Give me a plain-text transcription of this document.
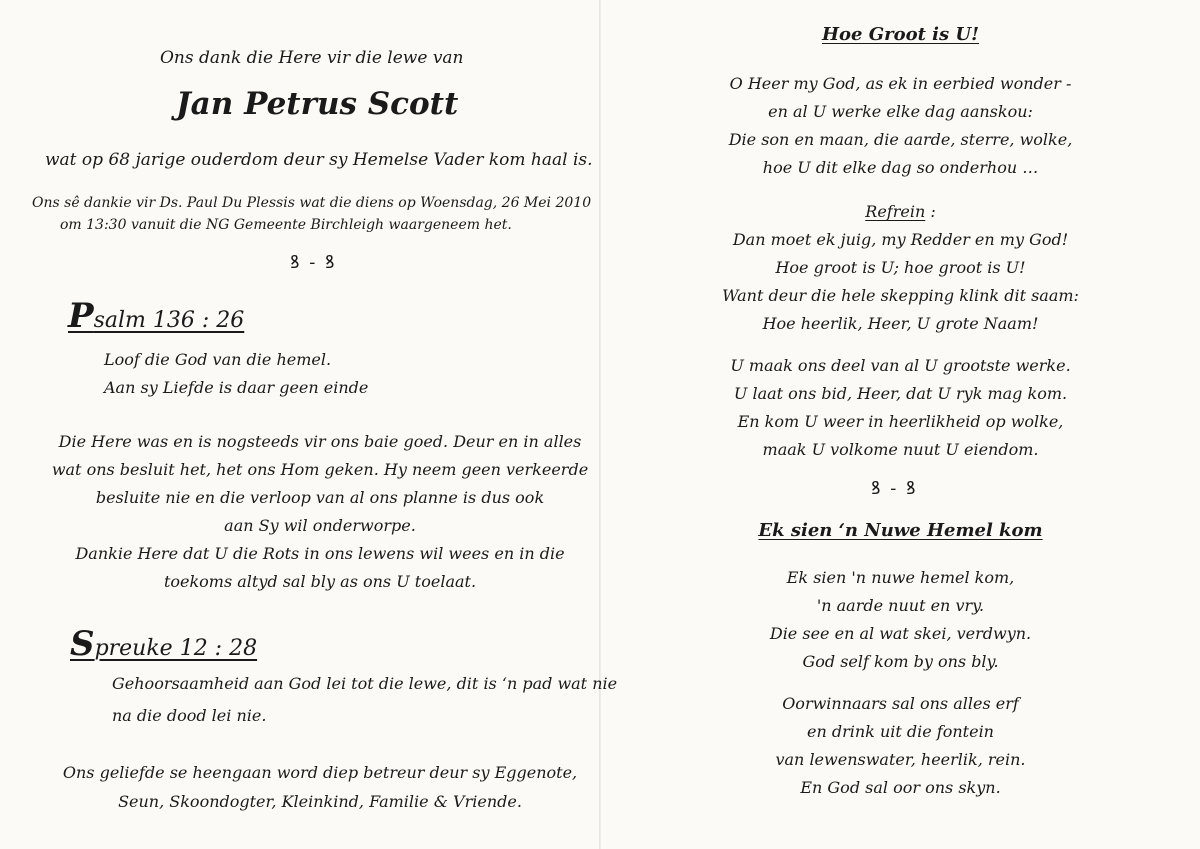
Ons dank die Here vir die lewe van
Jan Petrus Scott
wat op 68 jarige ouderdom deur sy Hemelse Vader kom haal is.
Ons sê dankie vir Ds. Paul Du Plessis wat die diens op Woensdag, 26 Mei 2010
om 13:30 vanuit die NG Gemeente Birchleigh waargeneem het.
ꝸ - ꝸ
Psalm 136 : 26
Loof die God van die hemel.
Aan sy Liefde is daar geen einde
Die Here was en is nogsteeds vir ons baie goed. Deur en in alles
wat ons besluit het, het ons Hom geken. Hy neem geen verkeerde
besluite nie en die verloop van al ons planne is dus ook
aan Sy wil onderworpe.
Dankie Here dat U die Rots in ons lewens wil wees en in die
toekoms altyd sal bly as ons U toelaat.
Spreuke 12 : 28
Gehoorsaamheid aan God lei tot die lewe, dit is ‘n pad wat nie
na die dood lei nie.
Ons geliefde se heengaan word diep betreur deur sy Eggenote,
Seun, Skoondogter, Kleinkind, Familie & Vriende.
Hoe Groot is U!
O Heer my God, as ek in eerbied wonder -
en al U werke elke dag aanskou:
Die son en maan, die aarde, sterre, wolke,
hoe U dit elke dag so onderhou …
Refrein :
Dan moet ek juig, my Redder en my God!
Hoe groot is U; hoe groot is U!
Want deur die hele skepping klink dit saam:
Hoe heerlik, Heer, U grote Naam!
U maak ons deel van al U grootste werke.
U laat ons bid, Heer, dat U ryk mag kom.
En kom U weer in heerlikheid op wolke,
maak U volkome nuut U eiendom.
ꝸ - ꝸ
Ek sien ‘n Nuwe Hemel kom
Ek sien 'n nuwe hemel kom,
'n aarde nuut en vry.
Die see en al wat skei, verdwyn.
God self kom by ons bly.
Oorwinnaars sal ons alles erf
en drink uit die fontein
van lewenswater, heerlik, rein.
En God sal oor ons skyn.
